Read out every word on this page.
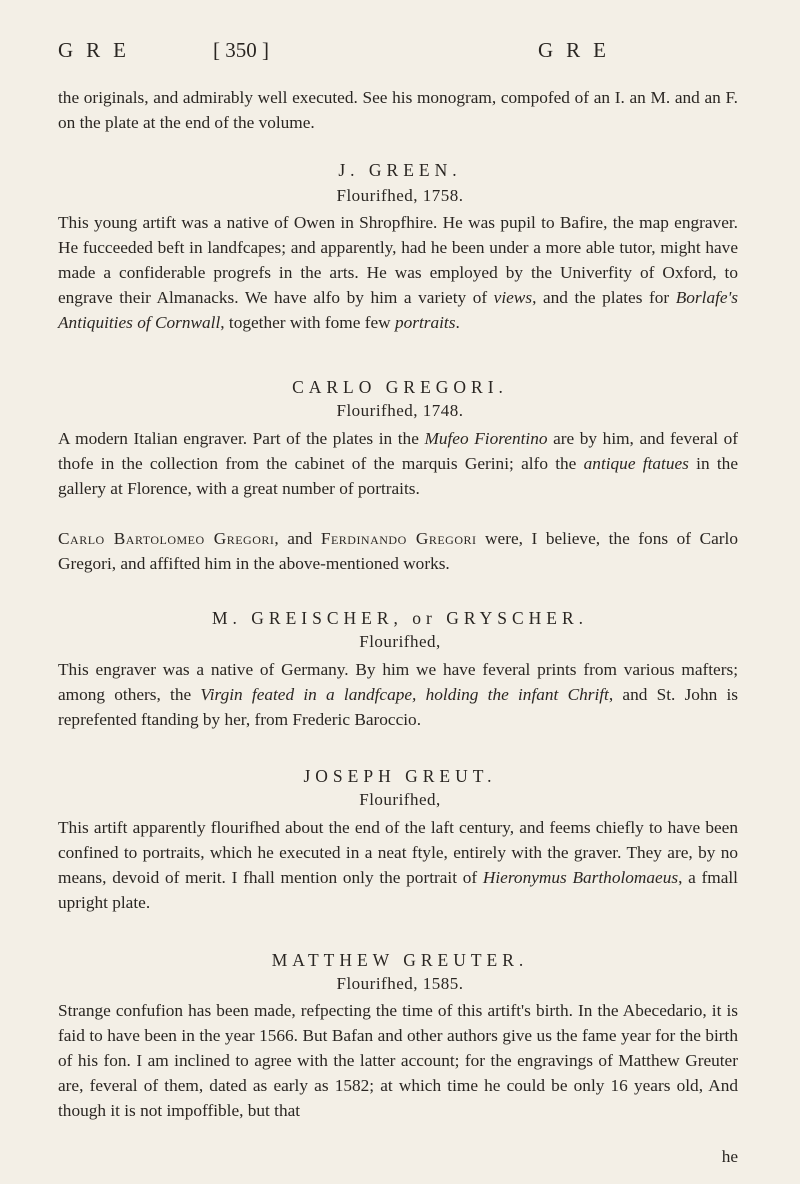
GRE	[ 350 ]	GRE

the originals, and admirably well executed. See his monogram, compofed of an I. an M. and an F. on the plate at the end of the volume.

J. GREEN.
Flourifhed, 1758.

This young artift was a native of Owen in Shropfhire. He was pupil to Bafire, the map engraver. He fucceeded beft in landfcapes; and apparently, had he been under a more able tutor, might have made a confiderable progrefs in the arts. He was employed by the Univerfity of Oxford, to engrave their Almanacks. We have alfo by him a variety of views, and the plates for Borlafe's Antiquities of Cornwall, together with fome few portraits.

CARLO GREGORI.
Flourifhed, 1748.

A modern Italian engraver. Part of the plates in the Mufeo Fiorentino are by him, and feveral of thofe in the collection from the cabinet of the marquis Gerini; alfo the antique ftatues in the gallery at Florence, with a great number of portraits.

Carlo Bartolomeo Gregori, and Ferdinando Gregori were, I believe, the fons of Carlo Gregori, and affifted him in the above-mentioned works.

M. GREISCHER, or GRYSCHER.
Flourifhed,

This engraver was a native of Germany. By him we have feveral prints from various mafters; among others, the Virgin feated in a landfcape, holding the infant Chrift, and St. John is reprefented ftanding by her, from Frederic Baroccio.

JOSEPH GREUT.
Flourifhed,

This artift apparently flourifhed about the end of the laft century, and feems chiefly to have been confined to portraits, which he executed in a neat ftyle, entirely with the graver. They are, by no means, devoid of merit. I fhall mention only the portrait of Hieronymus Bartholomaeus, a fmall upright plate.

MATTHEW GREUTER.
Flourifhed, 1585.

Strange confufion has been made, refpecting the time of this artift's birth. In the Abecedario, it is faid to have been in the year 1566. But Bafan and other authors give us the fame year for the birth of his fon. I am inclined to agree with the latter account; for the engravings of Matthew Greuter are, feveral of them, dated as early as 1582; at which time he could be only 16 years old, And though it is not impoffible, but that

he
